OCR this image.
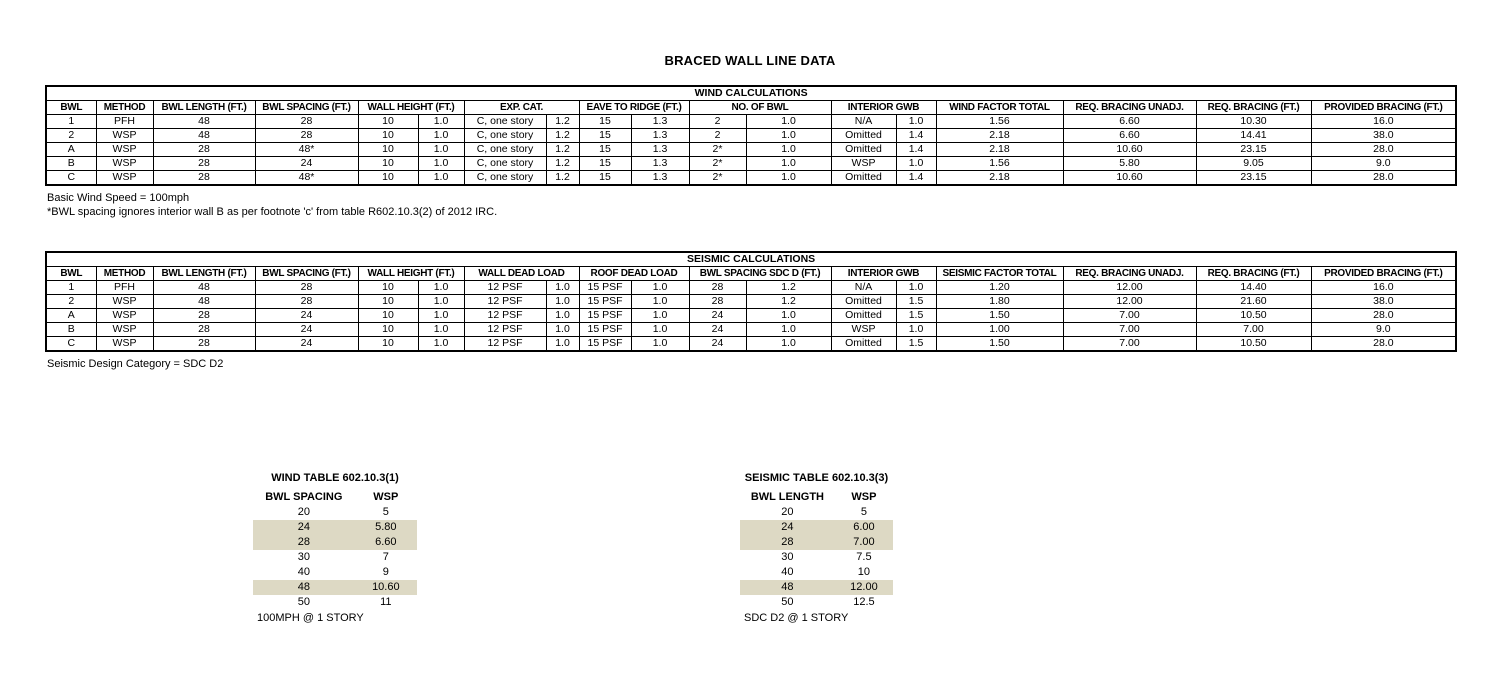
BRACED WALL LINE DATA
WIND CALCULATIONS																	
BWL	METHOD	BWL LENGTH (FT.)	BWL SPACING (FT.)	WALL HEIGHT (FT.)		EXP. CAT.		EAVE TO RIDGE (FT.)		NO. OF BWL		INTERIOR GWB		WIND FACTOR TOTAL	REQ. BRACING UNADJ.	REQ. BRACING (FT.)	PROVIDED BRACING (FT.)
1	PFH	48	28	10	1.0	C, one story	1.2	15	1.3	2	1.0	N/A	1.0	1.56	6.60	10.30	16.0
2	WSP	48	28	10	1.0	C, one story	1.2	15	1.3	2	1.0	Omitted	1.4	2.18	6.60	14.41	38.0
A	WSP	28	48*	10	1.0	C, one story	1.2	15	1.3	2*	1.0	Omitted	1.4	2.18	10.60	23.15	28.0
B	WSP	28	24	10	1.0	C, one story	1.2	15	1.3	2*	1.0	WSP	1.0	1.56	5.80	9.05	9.0
C	WSP	28	48*	10	1.0	C, one story	1.2	15	1.3	2*	1.0	Omitted	1.4	2.18	10.60	23.15	28.0
Basic Wind Speed = 100mph
*BWL spacing ignores interior wall B as per footnote 'c' from table R602.10.3(2) of 2012 IRC.
SEISMIC CALCULATIONS																	
BWL	METHOD	BWL LENGTH (FT.)	BWL SPACING (FT.)	WALL HEIGHT (FT.)		WALL DEAD LOAD		ROOF DEAD LOAD		BWL SPACING SDC D (FT.)		INTERIOR GWB		SEISMIC FACTOR TOTAL	REQ. BRACING UNADJ.	REQ. BRACING (FT.)	PROVIDED BRACING (FT.)
1	PFH	48	28	10	1.0	12 PSF	1.0	15 PSF	1.0	28	1.2	N/A	1.0	1.20	12.00	14.40	16.0
2	WSP	48	28	10	1.0	12 PSF	1.0	15 PSF	1.0	28	1.2	Omitted	1.5	1.80	12.00	21.60	38.0
A	WSP	28	24	10	1.0	12 PSF	1.0	15 PSF	1.0	24	1.0	Omitted	1.5	1.50	7.00	10.50	28.0
B	WSP	28	24	10	1.0	12 PSF	1.0	15 PSF	1.0	24	1.0	WSP	1.0	1.00	7.00	7.00	9.0
C	WSP	28	24	10	1.0	12 PSF	1.0	15 PSF	1.0	24	1.0	Omitted	1.5	1.50	7.00	10.50	28.0
Seismic Design Category = SDC D2
WIND TABLE 602.10.3(1)
BWL SPACING	WSP
20	5
24	5.80
28	6.60
30	7
40	9
48	10.60
50	11
100MPH @ 1 STORY
SEISMIC TABLE 602.10.3(3)
BWL LENGTH	WSP
20	5
24	6.00
28	7.00
30	7.5
40	10
48	12.00
50	12.5
SDC D2 @ 1 STORY
